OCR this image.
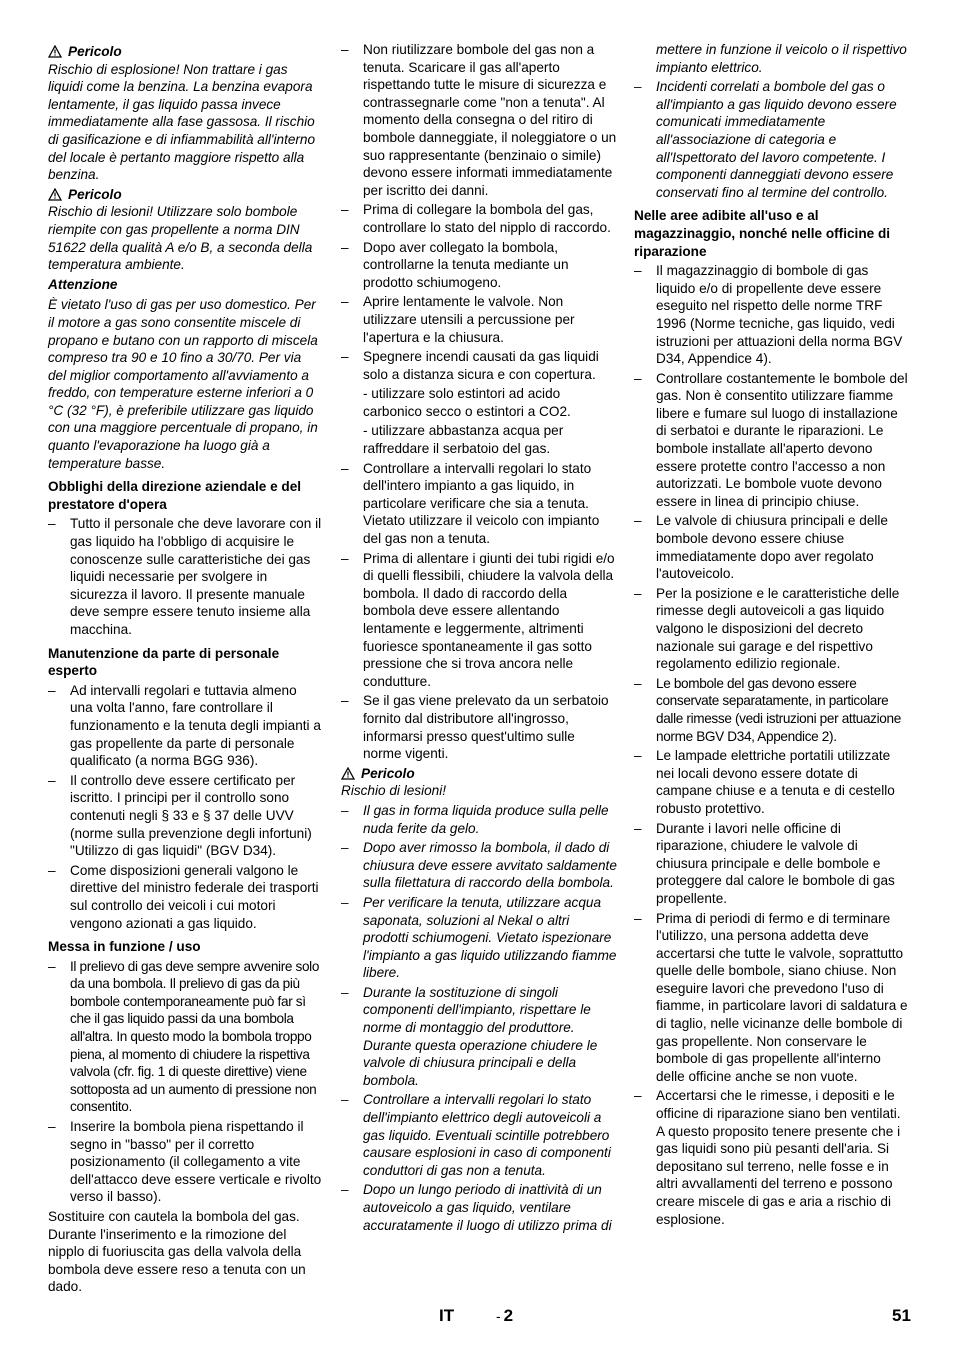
Pericolo

Rischio di esplosione! Non trattare i gas liquidi come la benzina. La benzina evapora lentamente, il gas liquido passa invece immediatamente alla fase gassosa. Il rischio di gasificazione e di infiammabilità all'interno del locale è pertanto maggiore rispetto alla benzina.

Pericolo

Rischio di lesioni! Utilizzare solo bombole riempite con gas propellente a norma DIN 51622 della qualità A e/o B, a seconda della temperatura ambiente.

Attenzione

È vietato l'uso di gas per uso domestico. Per il motore a gas sono consentite miscele di propano e butano con un rapporto di miscela compreso tra 90 e 10 fino a 30/70. Per via del miglior comportamento all'avviamento a freddo, con temperature esterne inferiori a 0 °C (32 °F), è preferibile utilizzare gas liquido con una maggiore percentuale di propano, in quanto l'evaporazione ha luogo già a temperature basse.

Obblighi della direzione aziendale e del prestatore d'opera
– Tutto il personale che deve lavorare con il gas liquido ha l'obbligo di acquisire le conoscenze sulle caratteristiche dei gas liquidi necessarie per svolgere in sicurezza il lavoro. Il presente manuale deve sempre essere tenuto insieme alla macchina.
Manutenzione da parte di personale esperto
– Ad intervalli regolari e tuttavia almeno una volta l'anno, fare controllare il funzionamento e la tenuta degli impianti a gas propellente da parte di personale qualificato (a norma BGG 936).
– Il controllo deve essere certificato per iscritto. I principi per il controllo sono contenuti negli § 33 e § 37 delle UVV (norme sulla prevenzione degli infortuni) "Utilizzo di gas liquidi" (BGV D34).
– Come disposizioni generali valgono le direttive del ministro federale dei trasporti sul controllo dei veicoli i cui motori vengono azionati a gas liquido.
Messa in funzione / uso
– Il prelievo di gas deve sempre avvenire solo da una bombola. Il prelievo di gas da più bombole contemporaneamente può far sì che il gas liquido passi da una bombola all'altra. In questo modo la bombola troppo piena, al momento di chiudere la rispettiva valvola (cfr. fig. 1 di queste direttive) viene sottoposta ad un aumento di pressione non consentito.
– Inserire la bombola piena rispettando il segno in "basso" per il corretto posizionamento (il collegamento a vite dell'attacco deve essere verticale e rivolto verso il basso).

Sostituire con cautela la bombola del gas. Durante l'inserimento e la rimozione del nipplo di fuoriuscita gas della valvola della bombola deve essere reso a tenuta con un dado.

– Non riutilizzare bombole del gas non a tenuta. Scaricare il gas all'aperto rispettando tutte le misure di sicurezza e contrassegnarle come "non a tenuta". Al momento della consegna o del ritiro di bombole danneggiate, il noleggiatore o un suo rappresentante (benzinaio o simile) devono essere informati immediatamente per iscritto dei danni.
– Prima di collegare la bombola del gas, controllare lo stato del nipplo di raccordo.
– Dopo aver collegato la bombola, controllarne la tenuta mediante un prodotto schiumogeno.
– Aprire lentamente le valvole. Non utilizzare utensili a percussione per l'apertura e la chiusura.
– Spegnere incendi causati da gas liquidi solo a distanza sicura e con copertura.

- utilizzare solo estintori ad acido carbonico secco o estintori a CO2.

- utilizzare abbastanza acqua per raffreddare il serbatoio del gas.

– Controllare a intervalli regolari lo stato dell'intero impianto a gas liquido, in particolare verificare che sia a tenuta. Vietato utilizzare il veicolo con impianto del gas non a tenuta.
– Prima di allentare i giunti dei tubi rigidi e/o di quelli flessibili, chiudere la valvola della bombola. Il dado di raccordo della bombola deve essere allentando lentamente e leggermente, altrimenti fuoriesce spontaneamente il gas sotto pressione che si trova ancora nelle condutture.
– Se il gas viene prelevato da un serbatoio fornito dal distributore all'ingrosso, informarsi presso quest'ultimo sulle norme vigenti.
Pericolo

Rischio di lesioni!

– Il gas in forma liquida produce sulla pelle nuda ferite da gelo.
– Dopo aver rimosso la bombola, il dado di chiusura deve essere avvitato saldamente sulla filettatura di raccordo della bombola.
– Per verificare la tenuta, utilizzare acqua saponata, soluzioni al Nekal o altri prodotti schiumogeni. Vietato ispezionare l'impianto a gas liquido utilizzando fiamme libere.
– Durante la sostituzione di singoli componenti dell'impianto, rispettare le norme di montaggio del produttore. Durante questa operazione chiudere le valvole di chiusura principali e della bombola.
– Controllare a intervalli regolari lo stato dell'impianto elettrico degli autoveicoli a gas liquido. Eventuali scintille potrebbero causare esplosioni in caso di componenti conduttori di gas non a tenuta.
– Dopo un lungo periodo di inattività di un autoveicolo a gas liquido, ventilare accuratamente il luogo di utilizzo prima di

mettere in funzione il veicolo o il rispettivo impianto elettrico.

– Incidenti correlati a bombole del gas o all'impianto a gas liquido devono essere comunicati immediatamente all'associazione di categoria e all'Ispettorato del lavoro competente. I componenti danneggiati devono essere conservati fino al termine del controllo.
Nelle aree adibite all'uso e al magazzinaggio, nonché nelle officine di riparazione
– Il magazzinaggio di bombole di gas liquido e/o di propellente deve essere eseguito nel rispetto delle norme TRF 1996 (Norme tecniche, gas liquido, vedi istruzioni per attuazioni della norma BGV D34, Appendice 4).
– Controllare costantemente le bombole del gas. Non è consentito utilizzare fiamme libere e fumare sul luogo di installazione di serbatoi e durante le riparazioni. Le bombole installate all'aperto devono essere protette contro l'accesso a non autorizzati. Le bombole vuote devono essere in linea di principio chiuse.
– Le valvole di chiusura principali e delle bombole devono essere chiuse immediatamente dopo aver regolato l'autoveicolo.
– Per la posizione e le caratteristiche delle rimesse degli autoveicoli a gas liquido valgono le disposizioni del decreto nazionale sui garage e del rispettivo regolamento edilizio regionale.
– Le bombole del gas devono essere conservate separatamente, in particolare dalle rimesse (vedi istruzioni per attuazione norme BGV D34, Appendice 2).
– Le lampade elettriche portatili utilizzate nei locali devono essere dotate di campane chiuse e a tenuta e di cestello robusto protettivo.
– Durante i lavori nelle officine di riparazione, chiudere le valvole di chiusura principale e delle bombole e proteggere dal calore le bombole di gas propellente.
– Prima di periodi di fermo e di terminare l'utilizzo, una persona addetta deve accertarsi che tutte le valvole, soprattutto quelle delle bombole, siano chiuse. Non eseguire lavori che prevedono l'uso di fiamme, in particolare lavori di saldatura e di taglio, nelle vicinanze delle bombole di gas propellente. Non conservare le bombole di gas propellente all'interno delle officine anche se non vuote.
– Accertarsi che le rimesse, i depositi e le officine di riparazione siano ben ventilati. A questo proposito tenere presente che i gas liquidi sono più pesanti dell'aria. Si depositano sul terreno, nelle fosse e in altri avvallamenti del terreno e possono creare miscele di gas e aria a rischio di esplosione.
IT	- 2	51
